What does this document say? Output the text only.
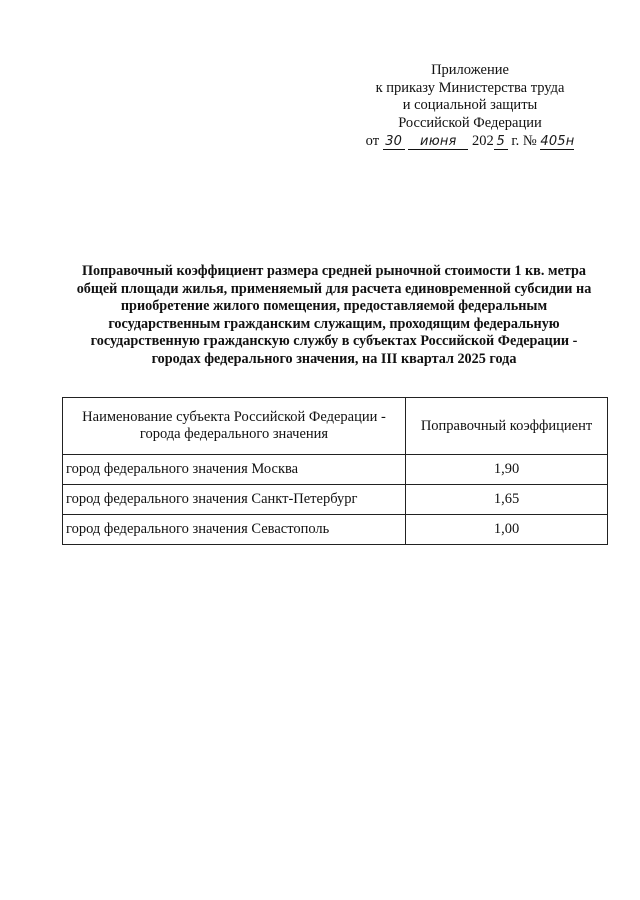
Приложение
к приказу Министерства труда
и социальной защиты
Российской Федерации
от 30 июня 202 5 г. № 405н
Поправочный коэффициент размера средней рыночной стоимости 1 кв. метра
общей площади жилья, применяемый для расчета единовременной субсидии на
приобретение жилого помещения, предоставляемой федеральным
государственным гражданским служащим, проходящим федеральную
государственную гражданскую службу в субъектах Российской Федерации -
городах федерального значения, на III квартал 2025 года
Наименование субъекта Российской Федерации - города федерального значения	Поправочный коэффициент
город федерального значения Москва	1,90
город федерального значения Санкт-Петербург	1,65
город федерального значения Севастополь	1,00
